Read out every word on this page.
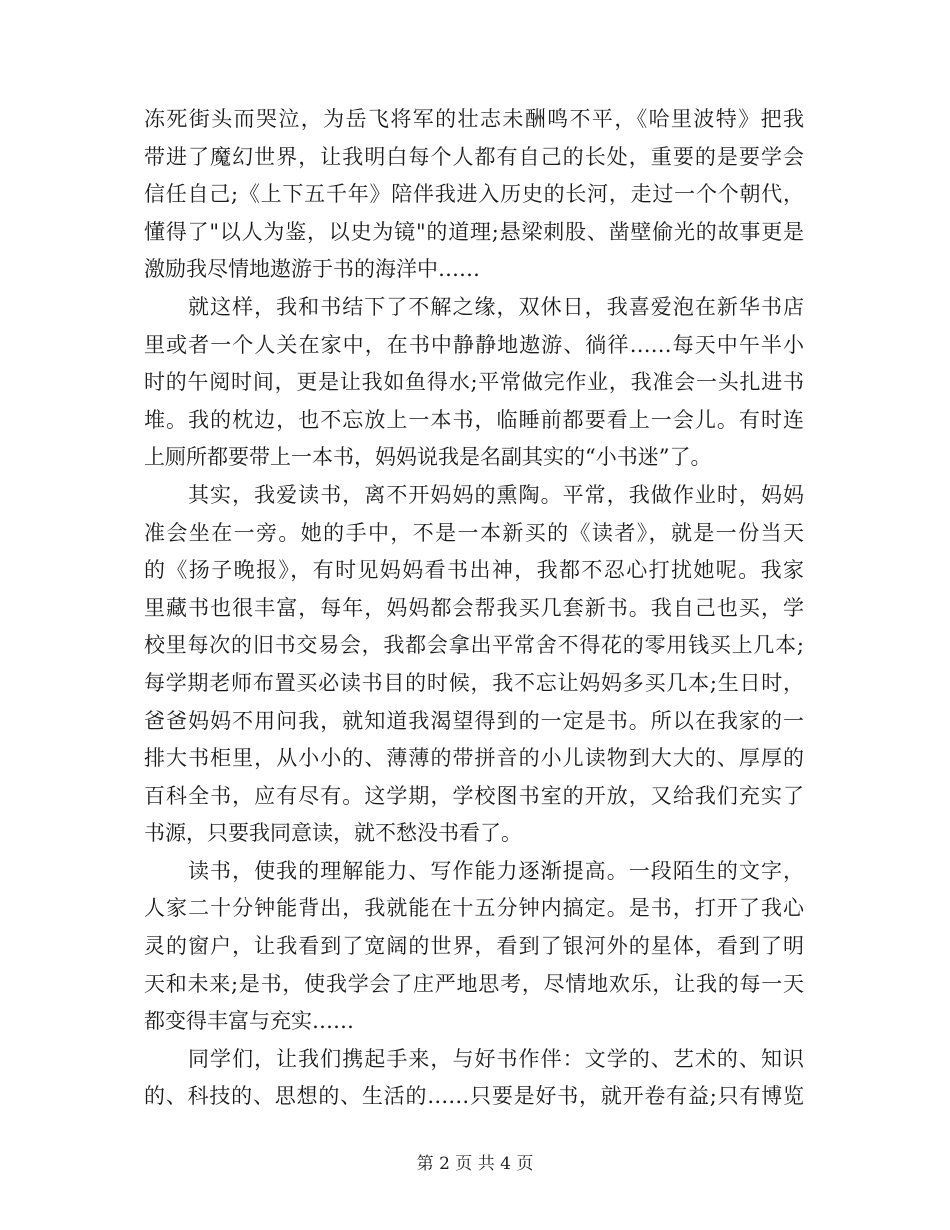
冻死街头而哭泣，为岳飞将军的壮志未酬鸣不平，《哈里波特》把我
带进了魔幻世界，让我明白每个人都有自己的长处，重要的是要学会
信任自己;《上下五千年》陪伴我进入历史的长河，走过一个个朝代，
懂得了"以人为鉴，以史为镜"的道理;悬梁刺股、凿壁偷光的故事更是
激励我尽情地遨游于书的海洋中……
就这样，我和书结下了不解之缘，双休日，我喜爱泡在新华书店
里或者一个人关在家中，在书中静静地遨游、徜徉……每天中午半小
时的午阅时间，更是让我如鱼得水;平常做完作业，我准会一头扎进书
堆。我的枕边，也不忘放上一本书，临睡前都要看上一会儿。有时连
上厕所都要带上一本书，妈妈说我是名副其实的“小书迷”了。
其实，我爱读书，离不开妈妈的熏陶。平常，我做作业时，妈妈
准会坐在一旁。她的手中，不是一本新买的《读者》，就是一份当天
的《扬子晚报》，有时见妈妈看书出神，我都不忍心打扰她呢。我家
里藏书也很丰富，每年，妈妈都会帮我买几套新书。我自己也买，学
校里每次的旧书交易会，我都会拿出平常舍不得花的零用钱买上几本;
每学期老师布置买必读书目的时候，我不忘让妈妈多买几本;生日时，
爸爸妈妈不用问我，就知道我渴望得到的一定是书。所以在我家的一
排大书柜里，从小小的、薄薄的带拼音的小儿读物到大大的、厚厚的
百科全书，应有尽有。这学期，学校图书室的开放，又给我们充实了
书源，只要我同意读，就不愁没书看了。
读书，使我的理解能力、写作能力逐渐提高。一段陌生的文字，
人家二十分钟能背出，我就能在十五分钟内搞定。是书，打开了我心
灵的窗户，让我看到了宽阔的世界，看到了银河外的星体，看到了明
天和未来;是书，使我学会了庄严地思考，尽情地欢乐，让我的每一天
都变得丰富与充实……
同学们，让我们携起手来，与好书作伴：文学的、艺术的、知识
的、科技的、思想的、生活的……只要是好书，就开卷有益;只有博览
第 2 页 共 4 页
